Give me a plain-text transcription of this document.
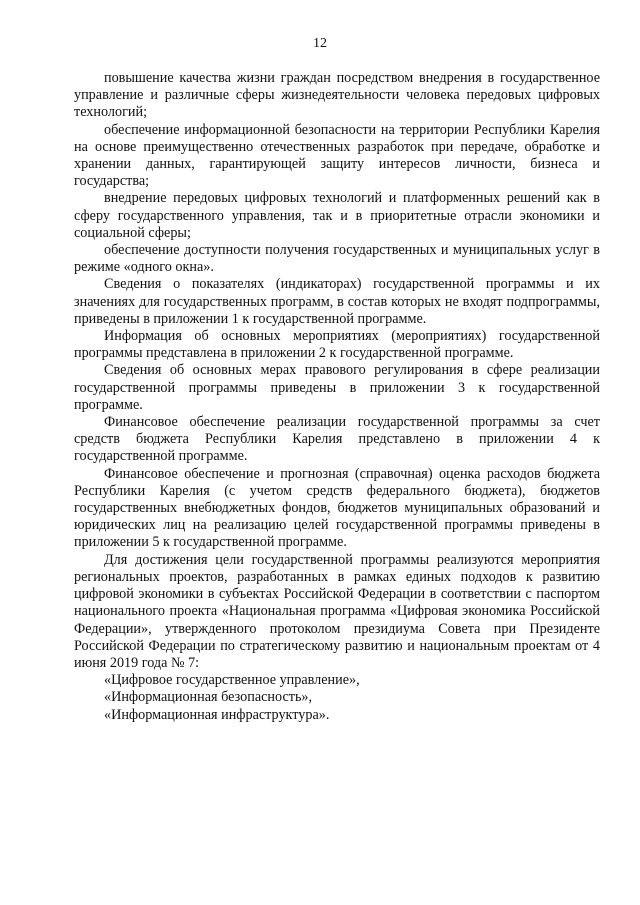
12

повышение качества жизни граждан посредством внедрения в государственное управление и различные сферы жизнедеятельности человека передовых цифровых технологий;

обеспечение информационной безопасности на территории Республики Карелия на основе преимущественно отечественных разработок при передаче, обработке и хранении данных, гарантирующей защиту интересов личности, бизнеса и государства;

внедрение передовых цифровых технологий и платформенных решений как в сферу государственного управления, так и в приоритетные отрасли экономики и социальной сферы;

обеспечение доступности получения государственных и муниципальных услуг в режиме «одного окна».

Сведения о показателях (индикаторах) государственной программы и их значениях для государственных программ, в состав которых не входят подпрограммы, приведены в приложении 1 к государственной программе.

Информация об основных мероприятиях (мероприятиях) государственной программы представлена в приложении 2 к государственной программе.

Сведения об основных мерах правового регулирования в сфере реализации государственной программы приведены в приложении 3 к государственной программе.

Финансовое обеспечение реализации государственной программы за счет средств бюджета Республики Карелия представлено в приложении 4 к государственной программе.

Финансовое обеспечение и прогнозная (справочная) оценка расходов бюджета Республики Карелия (с учетом средств федерального бюджета), бюджетов государственных внебюджетных фондов, бюджетов муниципальных образований и юридических лиц на реализацию целей государственной программы приведены в приложении 5 к государственной программе.

Для достижения цели государственной программы реализуются мероприятия региональных проектов, разработанных в рамках единых подходов к развитию цифровой экономики в субъектах Российской Федерации в соответствии с паспортом национального проекта «Национальная программа «Цифровая экономика Российской Федерации», утвержденного протоколом президиума Совета при Президенте Российской Федерации по стратегическому развитию и национальным проектам от 4 июня 2019 года № 7:

«Цифровое государственное управление»,

«Информационная безопасность»,

«Информационная инфраструктура».
